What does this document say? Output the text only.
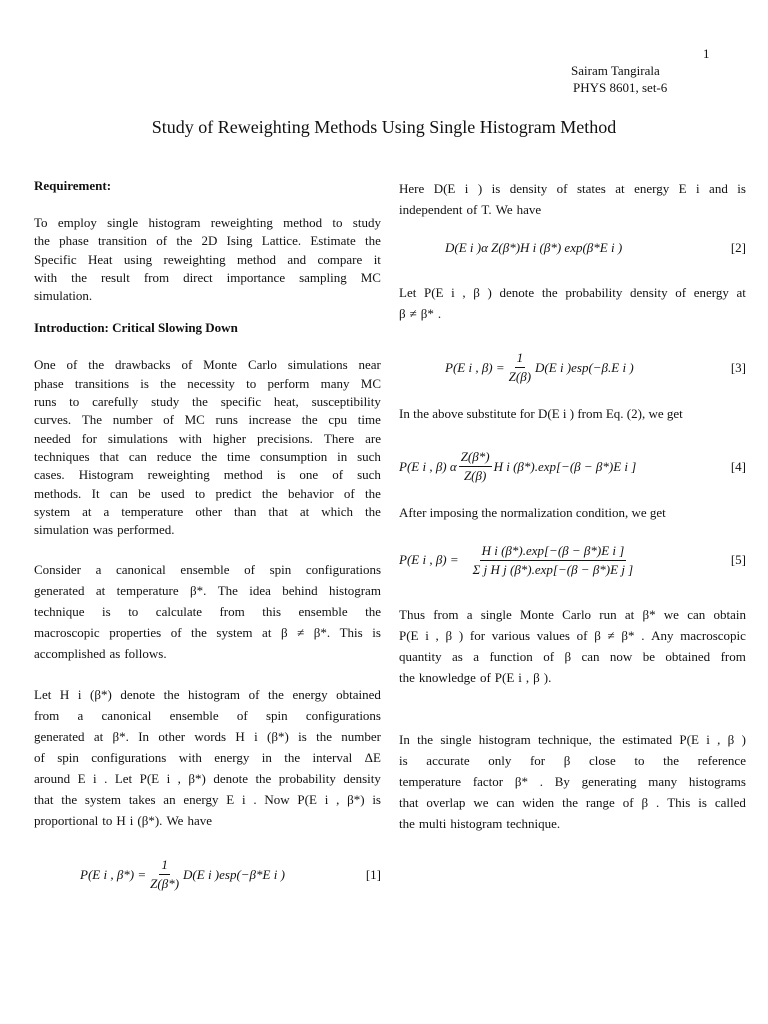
1
Sairam Tangirala
PHYS 8601, set-6
Study of Reweighting Methods Using Single Histogram Method
Requirement:
To employ single histogram reweighting method to study
the phase transition of the 2D Ising Lattice. Estimate the
Specific Heat using reweighting method and compare it
with the result from direct importance sampling MC
simulation.
Introduction: Critical Slowing Down
One of the drawbacks of Monte Carlo simulations near
phase transitions is the necessity to perform many MC
runs to carefully study the specific heat, susceptibility
curves. The number of MC runs increase the cpu time
needed for simulations with higher precisions. There are
techniques that can reduce the time consumption in such
cases. Histogram reweighting method is one of such
methods. It can be used to predict the behavior of the
system at a temperature other than that at which the
simulation was performed.
Consider a canonical ensemble of spin configurations
generated at temperature β*. The idea behind histogram
technique is to calculate from this ensemble the
macroscopic properties of the system at β ≠ β*. This is
accomplished as follows.
Let H i (β*) denote the histogram of the energy obtained
from a canonical ensemble of spin configurations
generated at β*. In other words H i (β*) is the number
of spin configurations with energy in the interval ΔE
around E i . Let P(E i , β*) denote the probability density
that the system takes an energy E i . Now P(E i , β*) is
proportional to H i (β*). We have
P(E i , $\beta*) = \frac{1}{Z(\beta*)} D(E$ i )esp(−β*E i )	[1]
Here D(E i ) is density of states at energy E i and is
independent of T. We have
D(E i )α Z(β*)H i (β*) exp(β*E i )	[2]
Let P(E i , β ) denote the probability density of energy at
β ≠ β* .
P(E i , $\beta) = \frac{1}{Z(\beta)} D(E$ i )esp(−β.E i )	[3]
In the above substitute for D(E i ) from Eq. (2), we get
P(E i , β) α $\frac{Z(\beta*)}{Z(\beta)}$ H i (β*).exp[−(β − β*)E i ]	[4]
After imposing the normalization condition, we get
P(E i , $\beta) = \frac{\text{H i (β*).exp[−(β − β*)E i ]}}{\text{Σ j H j (β*).exp[−(β − β*)E j ]}}$	[5]
Thus from a single Monte Carlo run at β* we can obtain
P(E i , β ) for various values of β ≠ β* . Any macroscopic
quantity as a function of β can now be obtained from
the knowledge of P(E i , β ).
In the single histogram technique, the estimated P(E i , β )
is accurate only for β close to the reference
temperature factor β* . By generating many histograms
that overlap we can widen the range of β . This is called
the multi histogram technique.
